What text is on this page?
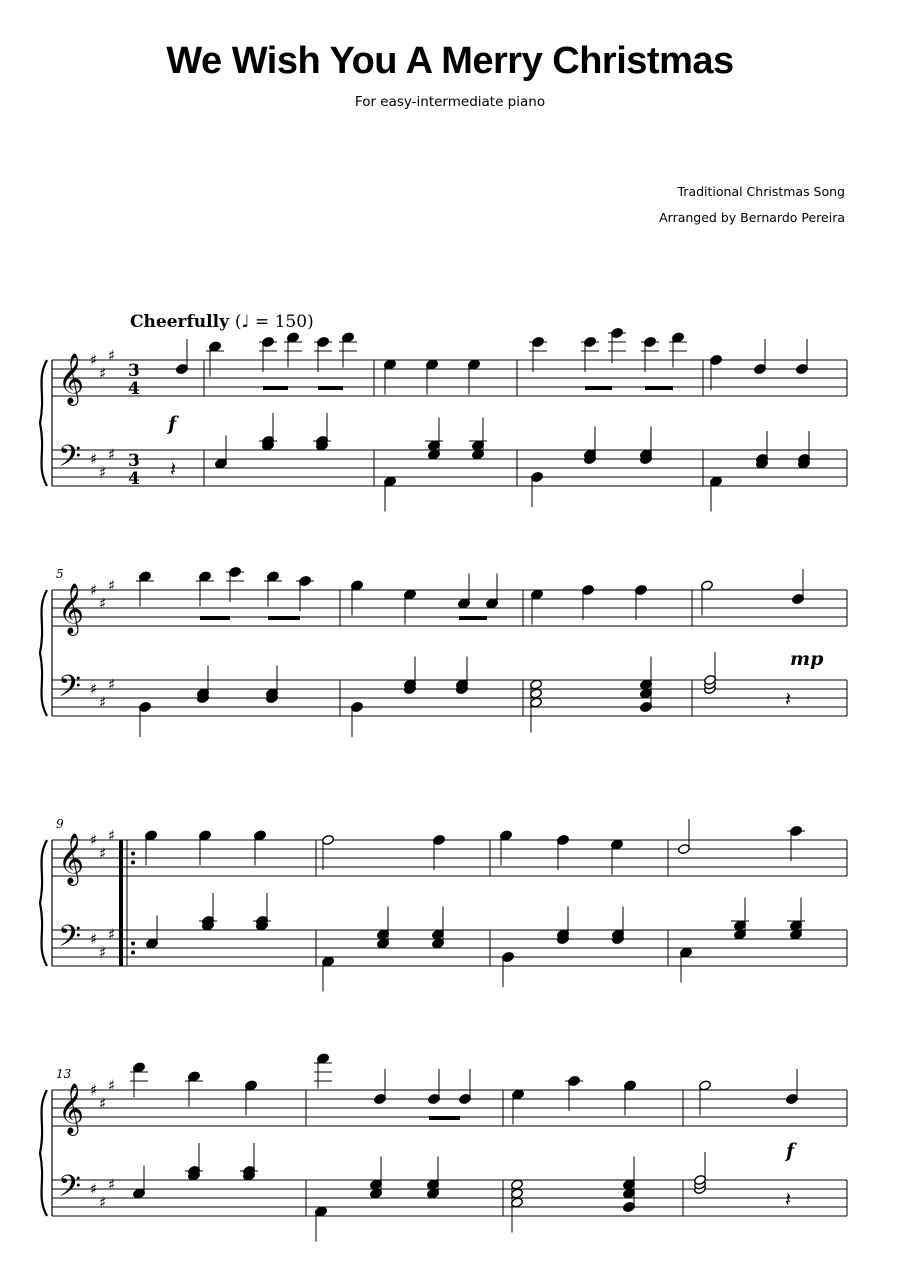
We Wish You A Merry Christmas
For easy-intermediate piano
Traditional Christmas Song
Arranged by Bernardo Pereira
Cheerfully (♩ = 150)
𝄞
𝄢
♯
♯
♯
♯
♯
♯
3
4
3
4
f
𝄽
𝄞
𝄢
♯
♯
♯
♯
♯
♯
5
mp
𝄽
𝄞
𝄢
♯
♯
♯
♯
♯
♯
9
𝄞
𝄢
♯
♯
♯
♯
♯
♯
13
f
𝄽
